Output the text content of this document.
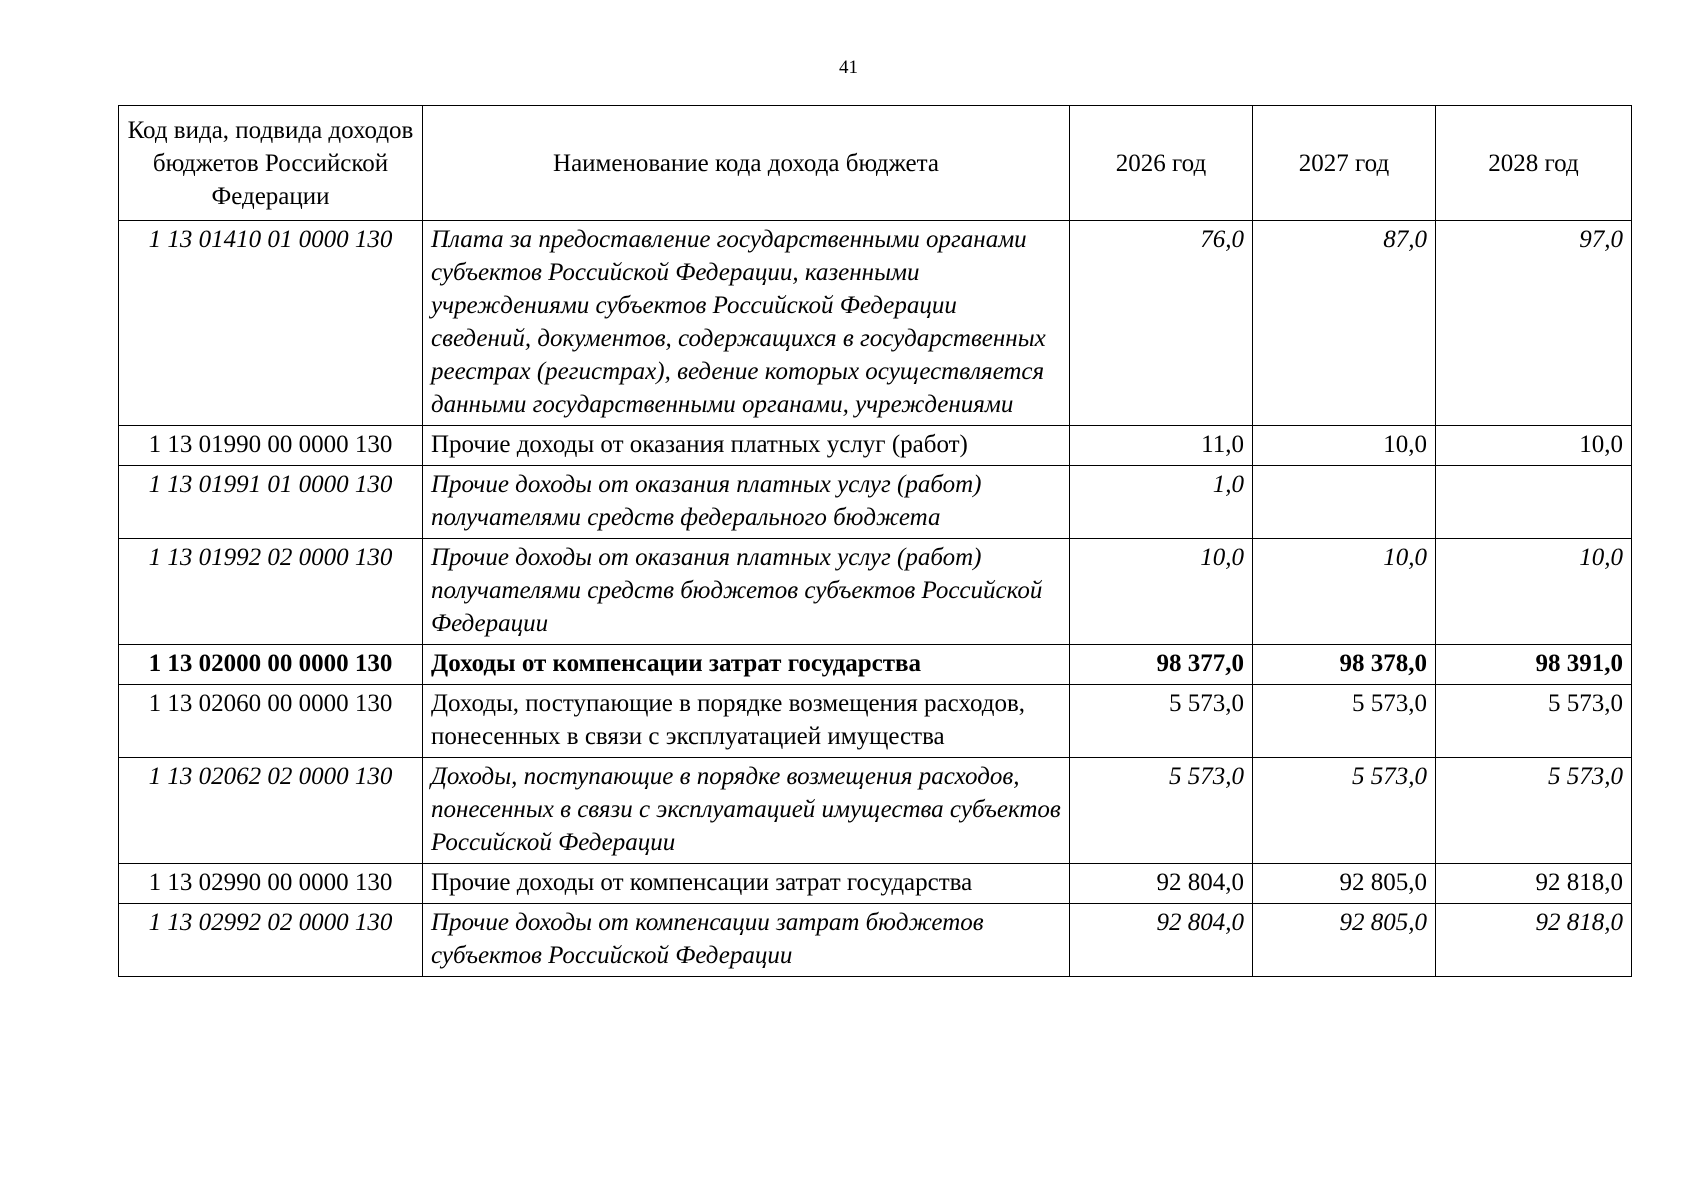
41
Код вида, подвида доходов бюджетов Российской Федерации	Наименование кода дохода бюджета	2026 год	2027 год	2028 год
1 13 01410 01 0000 130	Плата за предоставление государственными органами субъектов Российской Федерации, казенными учреждениями субъектов Российской Федерации сведений, документов, содержащихся в государственных реестрах (регистрах), ведение которых осуществляется данными государственными органами, учреждениями	76,0	87,0	97,0
1 13 01990 00 0000 130	Прочие доходы от оказания платных услуг (работ)	11,0	10,0	10,0
1 13 01991 01 0000 130	Прочие доходы от оказания платных услуг (работ) получателями средств федерального бюджета	1,0		
1 13 01992 02 0000 130	Прочие доходы от оказания платных услуг (работ) получателями средств бюджетов субъектов Российской Федерации	10,0	10,0	10,0
1 13 02000 00 0000 130	Доходы от компенсации затрат государства	98 377,0	98 378,0	98 391,0
1 13 02060 00 0000 130	Доходы, поступающие в порядке возмещения расходов, понесенных в связи с эксплуатацией имущества	5 573,0	5 573,0	5 573,0
1 13 02062 02 0000 130	Доходы, поступающие в порядке возмещения расходов, понесенных в связи с эксплуатацией имущества субъектов Российской Федерации	5 573,0	5 573,0	5 573,0
1 13 02990 00 0000 130	Прочие доходы от компенсации затрат государства	92 804,0	92 805,0	92 818,0
1 13 02992 02 0000 130	Прочие доходы от компенсации затрат бюджетов субъектов Российской Федерации	92 804,0	92 805,0	92 818,0
